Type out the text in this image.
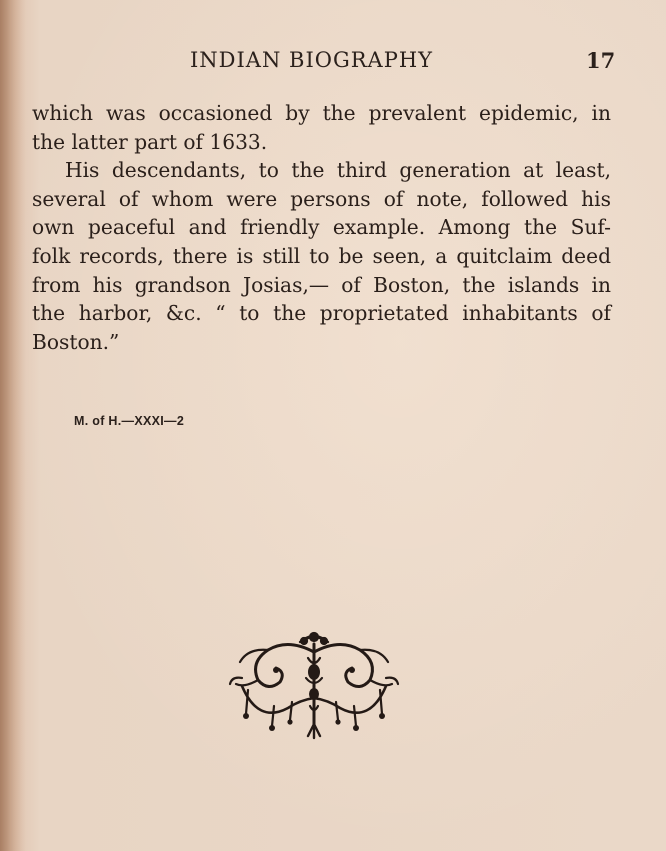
INDIAN BIOGRAPHY	17

which was occasioned by the prevalent epidemic, in
the latter part of 1633.

His descendants, to the third generation at least,
several of whom were persons of note, followed his
own peaceful and friendly example. Among the Suf-
folk records, there is still to be seen, a quitclaim deed
from his grandson Josias,— of Boston, the islands in
the harbor, &c. “ to the proprietated inhabitants of
Boston.”

M. of H.—XXXI—2
